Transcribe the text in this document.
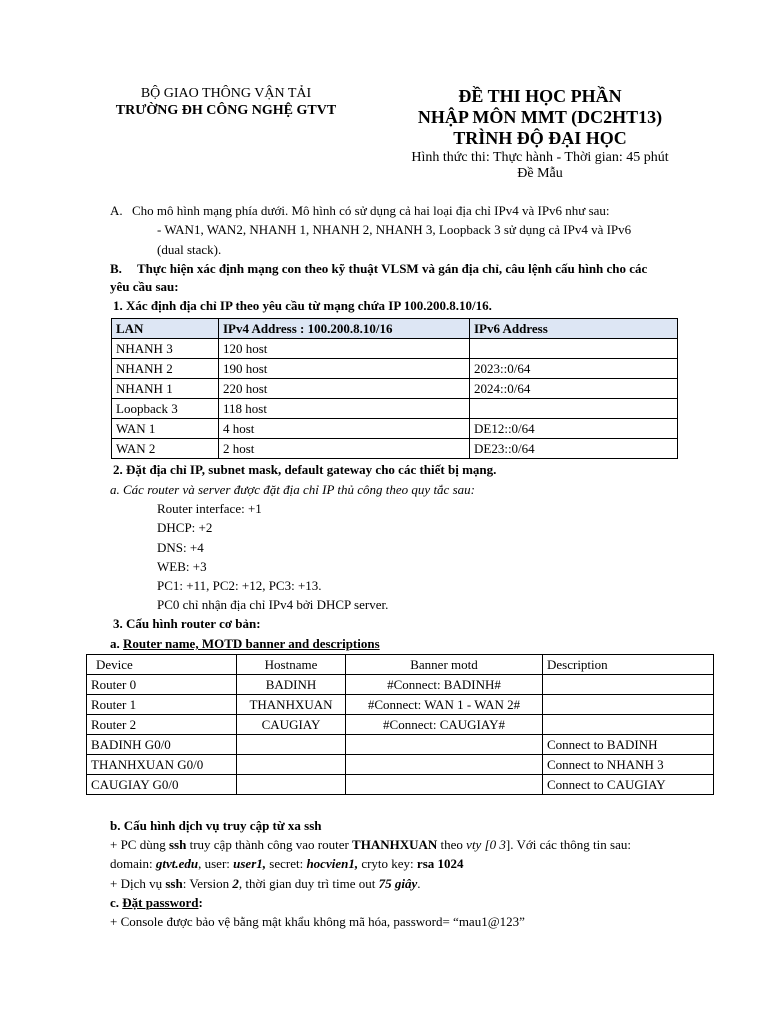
BỘ GIAO THÔNG VẬN TẢI
TRƯỜNG ĐH CÔNG NGHỆ GTVT
ĐỀ THI HỌC PHẦN
NHẬP MÔN MMT (DC2HT13)
TRÌNH ĐỘ ĐẠI HỌC
Hình thức thi: Thực hành - Thời gian: 45 phút
Đề Mẫu
A. Cho mô hình mạng phía dưới. Mô hình có sử dụng cả hai loại địa chỉ IPv4 và IPv6 như sau:
- WAN1, WAN2, NHANH 1, NHANH 2, NHANH 3, Loopback 3 sử dụng cả IPv4 và IPv6
(dual stack).
B. Thực hiện xác định mạng con theo kỹ thuật VLSM và gán địa chỉ, câu lệnh cấu hình cho các
yêu cầu sau:
1. Xác định địa chỉ IP theo yêu cầu từ mạng chứa IP 100.200.8.10/16.
LAN	IPv4 Address : 100.200.8.10/16	IPv6 Address
NHANH 3	120 host	
NHANH 2	190 host	2023::0/64
NHANH 1	220 host	2024::0/64
Loopback 3	118 host	
WAN 1	4 host	DE12::0/64
WAN 2	2 host	DE23::0/64
2. Đặt địa chỉ IP, subnet mask, default gateway cho các thiết bị mạng.
a. Các router và server được đặt địa chỉ IP thủ công theo quy tắc sau:
Router interface: +1
DHCP: +2
DNS: +4
WEB: +3
PC1: +11, PC2: +12, PC3: +13.
PC0 chỉ nhận địa chỉ IPv4 bởi DHCP server.
3. Cấu hình router cơ bản:
a. Router name, MOTD banner and descriptions
Device	Hostname	Banner motd	Description
Router 0	BADINH	#Connect: BADINH#	
Router 1	THANHXUAN	#Connect: WAN 1 - WAN 2#	
Router 2	CAUGIAY	#Connect: CAUGIAY#	
BADINH G0/0			Connect to BADINH
THANHXUAN G0/0			Connect to NHANH 3
CAUGIAY G0/0			Connect to CAUGIAY
b. Cấu hình dịch vụ truy cập từ xa ssh
+ PC dùng ssh truy cập thành công vao router THANHXUAN theo vty [0 3]. Với các thông tin sau:
domain: gtvt.edu, user: user1, secret: hocvien1, cryto key: rsa 1024
+ Dịch vụ ssh: Version 2, thời gian duy trì time out 75 giây.
c. Đặt password:
+ Console được bảo vệ bằng mật khẩu không mã hóa, password= “mau1@123”
